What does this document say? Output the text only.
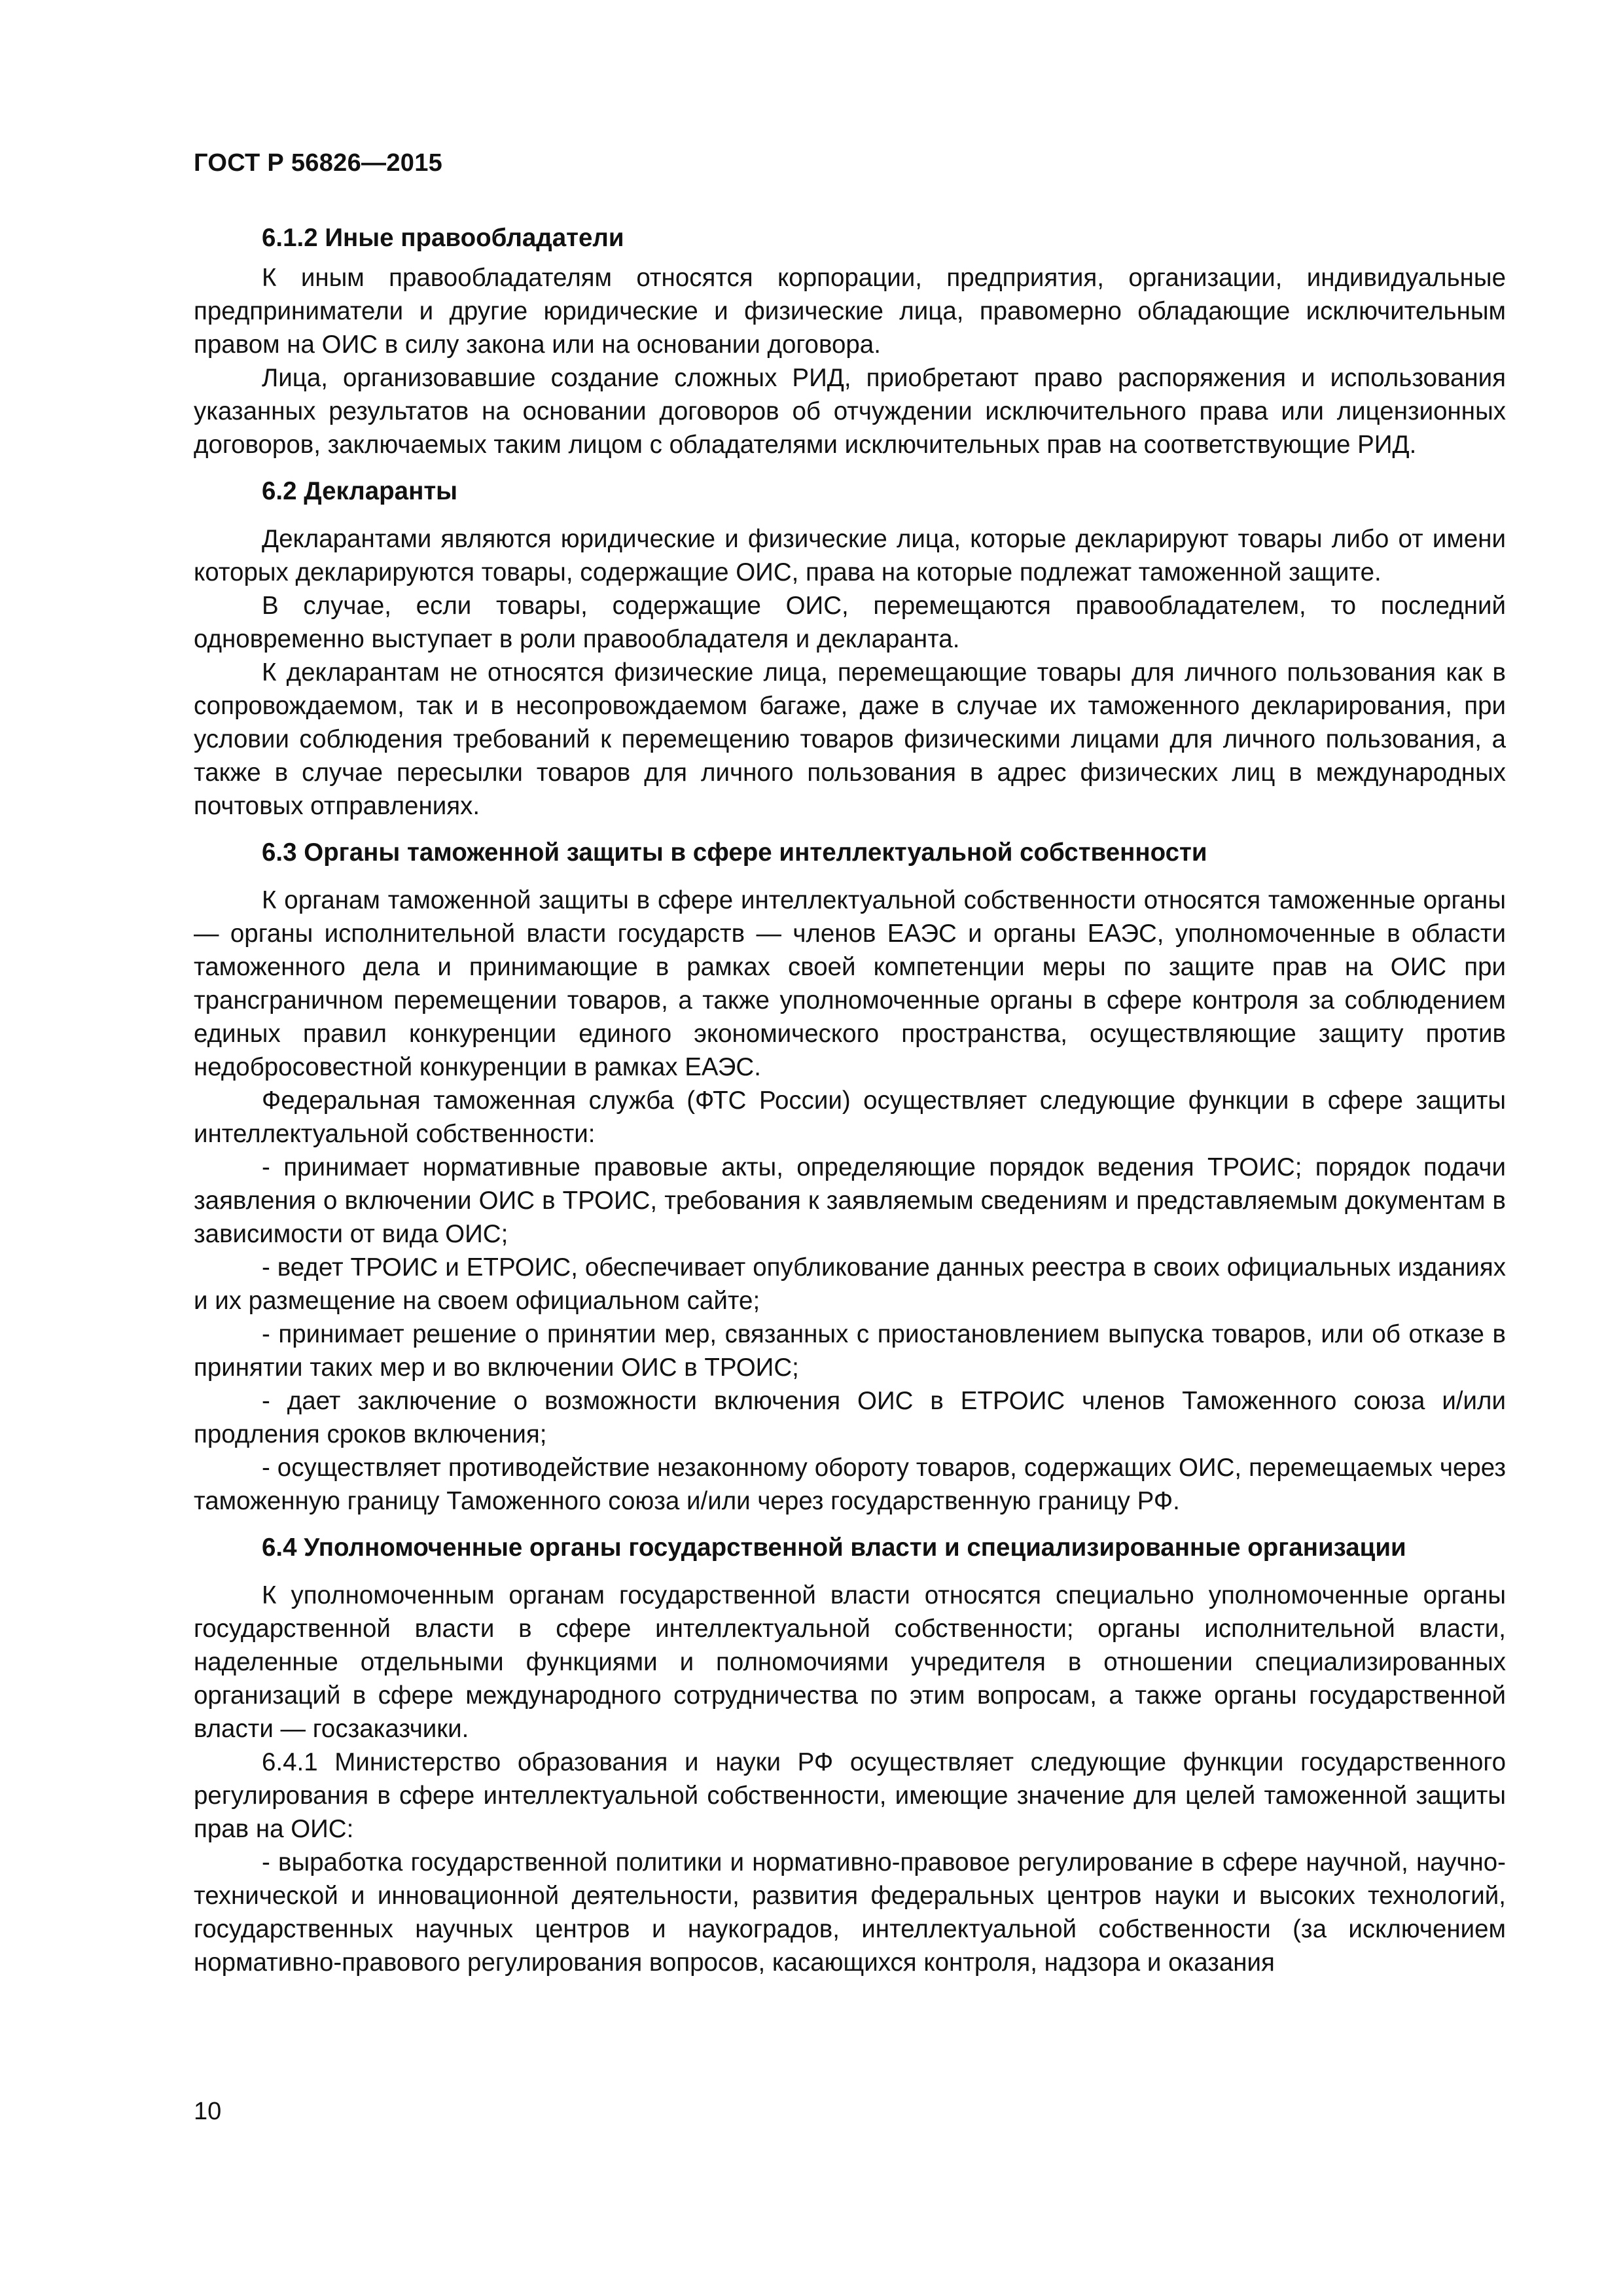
ГОСТ Р 56826—2015
6.1.2 Иные правообладатели

К иным правообладателям относятся корпорации, предприятия, организации, индивидуальные предприниматели и другие юридические и физические лица, правомерно обладающие исключительным правом на ОИС в силу закона или на основании договора.

Лица, организовавшие создание сложных РИД, приобретают право распоряжения и использования указанных результатов на основании договоров об отчуждении исключительного права или лицензионных договоров, заключаемых таким лицом с обладателями исключительных прав на соответствующие РИД.

6.2 Декларанты

Декларантами являются юридические и физические лица, которые декларируют товары либо от имени которых декларируются товары, содержащие ОИС, права на которые подлежат таможенной защите.

В случае, если товары, содержащие ОИС, перемещаются правообладателем, то последний одновременно выступает в роли правообладателя и декларанта.

К декларантам не относятся физические лица, перемещающие товары для личного пользования как в сопровождаемом, так и в несопровождаемом багаже, даже в случае их таможенного декларирования, при условии соблюдения требований к перемещению товаров физическими лицами для личного пользования, а также в случае пересылки товаров для личного пользования в адрес физических лиц в международных почтовых отправлениях.

6.3 Органы таможенной защиты в сфере интеллектуальной собственности

К органам таможенной защиты в сфере интеллектуальной собственности относятся таможенные органы — органы исполнительной власти государств — членов ЕАЭС и органы ЕАЭС, уполномоченные в области таможенного дела и принимающие в рамках своей компетенции меры по защите прав на ОИС при трансграничном перемещении товаров, а также уполномоченные органы в сфере контроля за соблюдением единых правил конкуренции единого экономического пространства, осуществляющие защиту против недобросовестной конкуренции в рамках ЕАЭС.

Федеральная таможенная служба (ФТС России) осуществляет следующие функции в сфере защиты интеллектуальной собственности:

- принимает нормативные правовые акты, определяющие порядок ведения ТРОИС; порядок подачи заявления о включении ОИС в ТРОИС, требования к заявляемым сведениям и представляемым документам в зависимости от вида ОИС;

- ведет ТРОИС и ЕТРОИС, обеспечивает опубликование данных реестра в своих официальных изданиях и их размещение на своем официальном сайте;

- принимает решение о принятии мер, связанных с приостановлением выпуска товаров, или об отказе в принятии таких мер и во включении ОИС в ТРОИС;

- дает заключение о возможности включения ОИС в ЕТРОИС членов Таможенного союза и/или продления сроков включения;

- осуществляет противодействие незаконному обороту товаров, содержащих ОИС, перемещаемых через таможенную границу Таможенного союза и/или через государственную границу РФ.

6.4 Уполномоченные органы государственной власти и специализированные организации

К уполномоченным органам государственной власти относятся специально уполномоченные органы государственной власти в сфере интеллектуальной собственности; органы исполнительной власти, наделенные отдельными функциями и полномочиями учредителя в отношении специализированных организаций в сфере международного сотрудничества по этим вопросам, а также органы государственной власти — госзаказчики.

6.4.1 Министерство образования и науки РФ осуществляет следующие функции государственного регулирования в сфере интеллектуальной собственности, имеющие значение для целей таможенной защиты прав на ОИС:

- выработка государственной политики и нормативно-правовое регулирование в сфере научной, научно-технической и инновационной деятельности, развития федеральных центров науки и высоких технологий, государственных научных центров и наукоградов, интеллектуальной собственности (за исключением нормативно-правового регулирования вопросов, касающихся контроля, надзора и оказания

10
